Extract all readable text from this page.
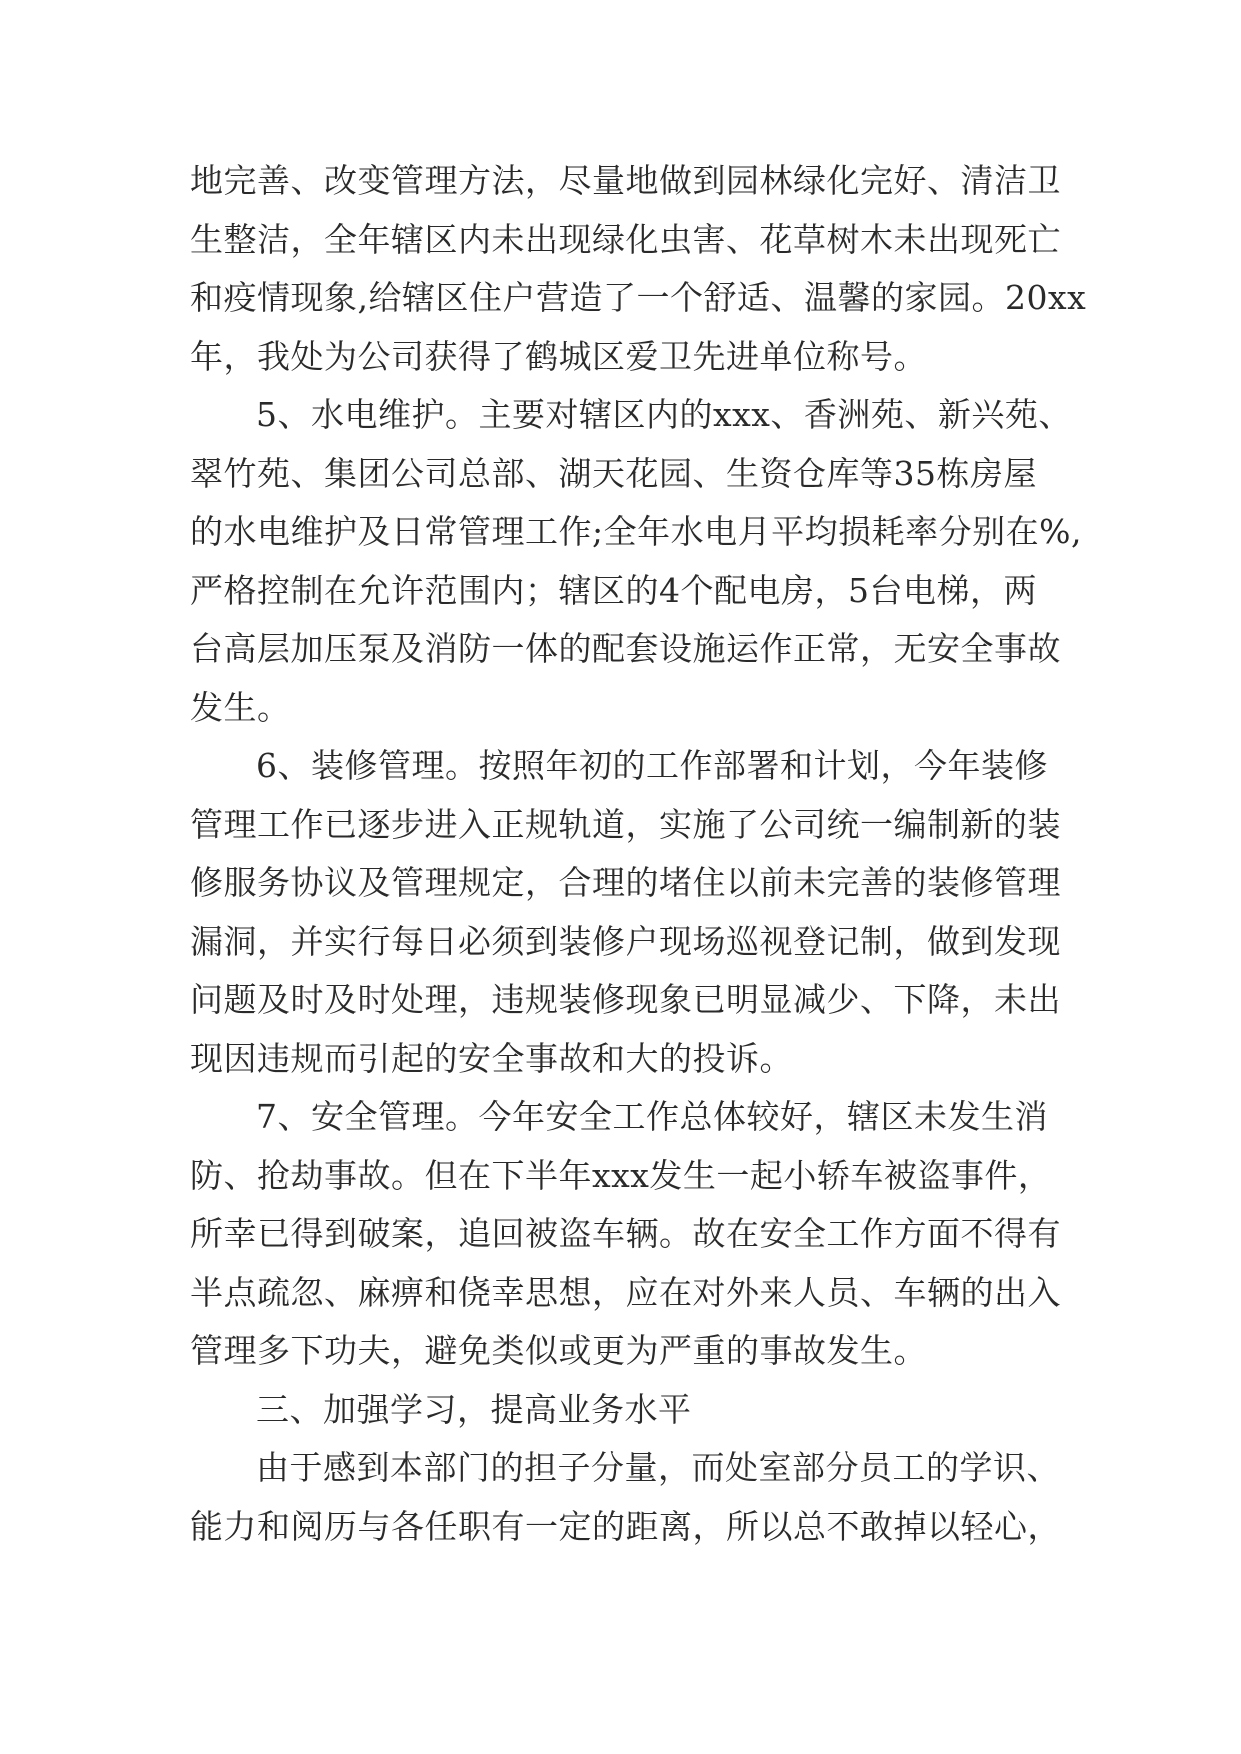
地完善、改变管理方法，尽量地做到园林绿化完好、清洁卫
生整洁，全年辖区内未出现绿化虫害、花草树木未出现死亡
和疫情现象,给辖区住户营造了一个舒适、温馨的家园。20xx
年，我处为公司获得了鹤城区爱卫先进单位称号。
5、水电维护。主要对辖区内的xxx、香洲苑、新兴苑、
翠竹苑、集团公司总部、湖天花园、生资仓库等35栋房屋
的水电维护及日常管理工作;全年水电月平均损耗率分别在%,
严格控制在允许范围内；辖区的4个配电房，5台电梯，两
台高层加压泵及消防一体的配套设施运作正常，无安全事故
发生。
6、装修管理。按照年初的工作部署和计划，今年装修
管理工作已逐步进入正规轨道，实施了公司统一编制新的装
修服务协议及管理规定，合理的堵住以前未完善的装修管理
漏洞，并实行每日必须到装修户现场巡视登记制，做到发现
问题及时及时处理，违规装修现象已明显减少、下降，未出
现因违规而引起的安全事故和大的投诉。
7、安全管理。今年安全工作总体较好，辖区未发生消
防、抢劫事故。但在下半年xxx发生一起小轿车被盗事件，
所幸已得到破案，追回被盗车辆。故在安全工作方面不得有
半点疏忽、麻痹和侥幸思想，应在对外来人员、车辆的出入
管理多下功夫，避免类似或更为严重的事故发生。
三、加强学习，提高业务水平
由于感到本部门的担子分量，而处室部分员工的学识、
能力和阅历与各任职有一定的距离，所以总不敢掉以轻心，
